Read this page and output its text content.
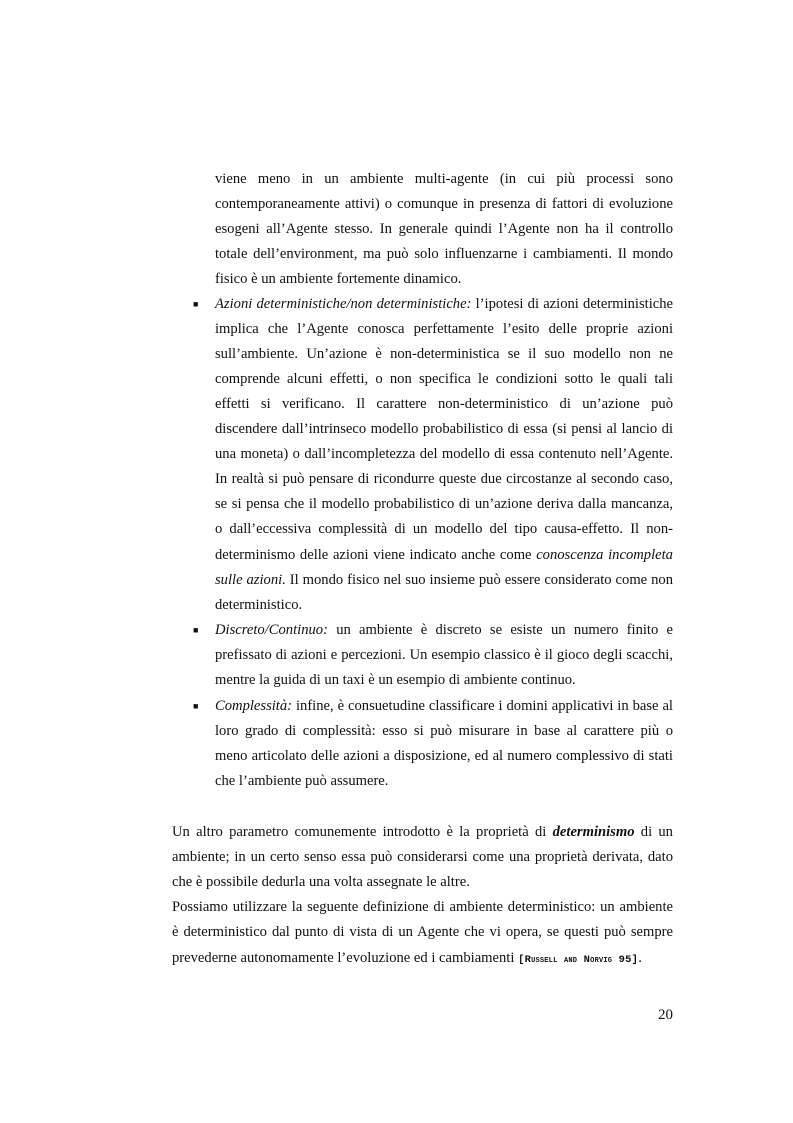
viene meno in un ambiente multi-agente (in cui più processi sono
contemporaneamente attivi) o comunque in presenza di fattori di evoluzione
esogeni all’Agente stesso. In generale quindi l’Agente non ha il controllo
totale dell’environment, ma può solo influenzarne i cambiamenti. Il mondo
fisico è un ambiente fortemente dinamico.
■ Azioni deterministiche/non deterministiche: l’ipotesi di azioni deterministiche
implica che l’Agente conosca perfettamente l’esito delle proprie azioni
sull’ambiente. Un’azione è non-deterministica se il suo modello non ne
comprende alcuni effetti, o non specifica le condizioni sotto le quali tali
effetti si verificano. Il carattere non-deterministico di un’azione può
discendere dall’intrinseco modello probabilistico di essa (si pensi al lancio di
una moneta) o dall’incompletezza del modello di essa contenuto nell’Agente.
In realtà si può pensare di ricondurre queste due circostanze al secondo caso,
se si pensa che il modello probabilistico di un’azione deriva dalla mancanza,
o dall’eccessiva complessità di un modello del tipo causa-effetto. Il non-
determinismo delle azioni viene indicato anche come conoscenza incompleta
sulle azioni. Il mondo fisico nel suo insieme può essere considerato come non
deterministico.
■ Discreto/Continuo: un ambiente è discreto se esiste un numero finito e
prefissato di azioni e percezioni. Un esempio classico è il gioco degli scacchi,
mentre la guida di un taxi è un esempio di ambiente continuo.
■ Complessità: infine, è consuetudine classificare i domini applicativi in base al
loro grado di complessità: esso si può misurare in base al carattere più o
meno articolato delle azioni a disposizione, ed al numero complessivo di stati
che l’ambiente può assumere.
Un altro parametro comunemente introdotto è la proprietà di determinismo di un
ambiente; in un certo senso essa può considerarsi come una proprietà derivata, dato
che è possibile dedurla una volta assegnate le altre.
Possiamo utilizzare la seguente definizione di ambiente deterministico: un ambiente
è deterministico dal punto di vista di un Agente che vi opera, se questi può sempre
prevederne autonomamente l’evoluzione ed i cambiamenti [Russell and Norvig 95].
20
